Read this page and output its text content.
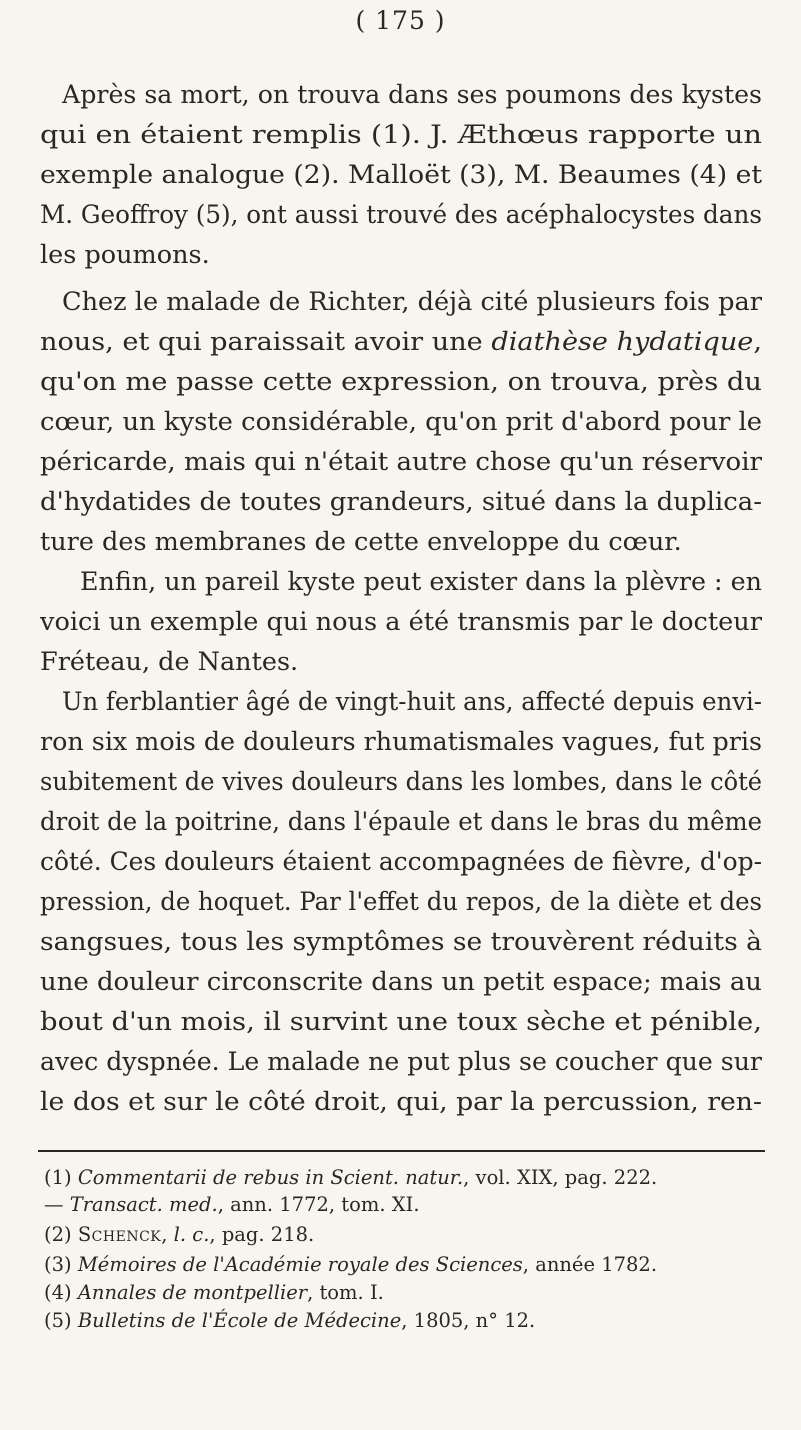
( 175 )
Après sa mort, on trouva dans ses poumons des kystes
qui en étaient remplis (1). J. Æthœus rapporte un
exemple analogue (2). Malloët (3), M. Beaumes (4) et
M. Geoffroy (5), ont aussi trouvé des acéphalocystes dans
les poumons.
Chez le malade de Richter, déjà cité plusieurs fois par
nous, et qui paraissait avoir une diathèse hydatique,
qu'on me passe cette expression, on trouva, près du
cœur, un kyste considérable, qu'on prit d'abord pour le
péricarde, mais qui n'était autre chose qu'un réservoir
d'hydatides de toutes grandeurs, situé dans la duplica-
ture des membranes de cette enveloppe du cœur.
Enfin, un pareil kyste peut exister dans la plèvre : en
voici un exemple qui nous a été transmis par le docteur
Fréteau, de Nantes.
Un ferblantier âgé de vingt-huit ans, affecté depuis envi-
ron six mois de douleurs rhumatismales vagues, fut pris
subitement de vives douleurs dans les lombes, dans le côté
droit de la poitrine, dans l'épaule et dans le bras du même
côté. Ces douleurs étaient accompagnées de fièvre, d'op-
pression, de hoquet. Par l'effet du repos, de la diète et des
sangsues, tous les symptômes se trouvèrent réduits à
une douleur circonscrite dans un petit espace; mais au
bout d'un mois, il survint une toux sèche et pénible,
avec dyspnée. Le malade ne put plus se coucher que sur
le dos et sur le côté droit, qui, par la percussion, ren-
(1) Commentarii de rebus in Scient. natur., vol. XIX, pag. 222.
— Transact. med., ann. 1772, tom. XI.
(2) Schenck, l. c., pag. 218.
(3) Mémoires de l'Académie royale des Sciences, année 1782.
(4) Annales de montpellier, tom. I.
(5) Bulletins de l'École de Médecine, 1805, n° 12.
